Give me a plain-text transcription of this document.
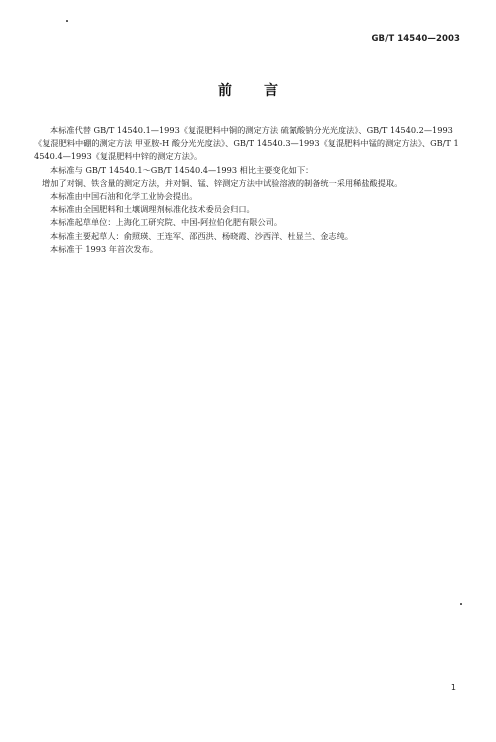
GB/T 14540—2003
前言

本标准代替 GB/T 14540.1—1993《复混肥料中铜的测定方法 硫氰酸钠分光光度法》、GB/T 14540.2—1993《复混肥料中硼的测定方法 甲亚胺-H 酸分光光度法》、GB/T 14540.3—1993《复混肥料中锰的测定方法》、GB/T 14540.4—1993《复混肥料中锌的测定方法》。

本标准与 GB/T 14540.1～GB/T 14540.4—1993 相比主要变化如下：

增加了对铜、铁含量的测定方法，并对铜、锰、锌测定方法中试验溶液的制备统一采用稀盐酸提取。

本标准由中国石油和化学工业协会提出。

本标准由全国肥料和土壤调理剂标准化技术委员会归口。

本标准起草单位：上海化工研究院、中国-阿拉伯化肥有限公司。

本标准主要起草人：俞照瑛、王连军、邵西洪、杨晓霞、沙西洋、杜显兰、金志纯。

本标准于 1993 年首次发布。

1
